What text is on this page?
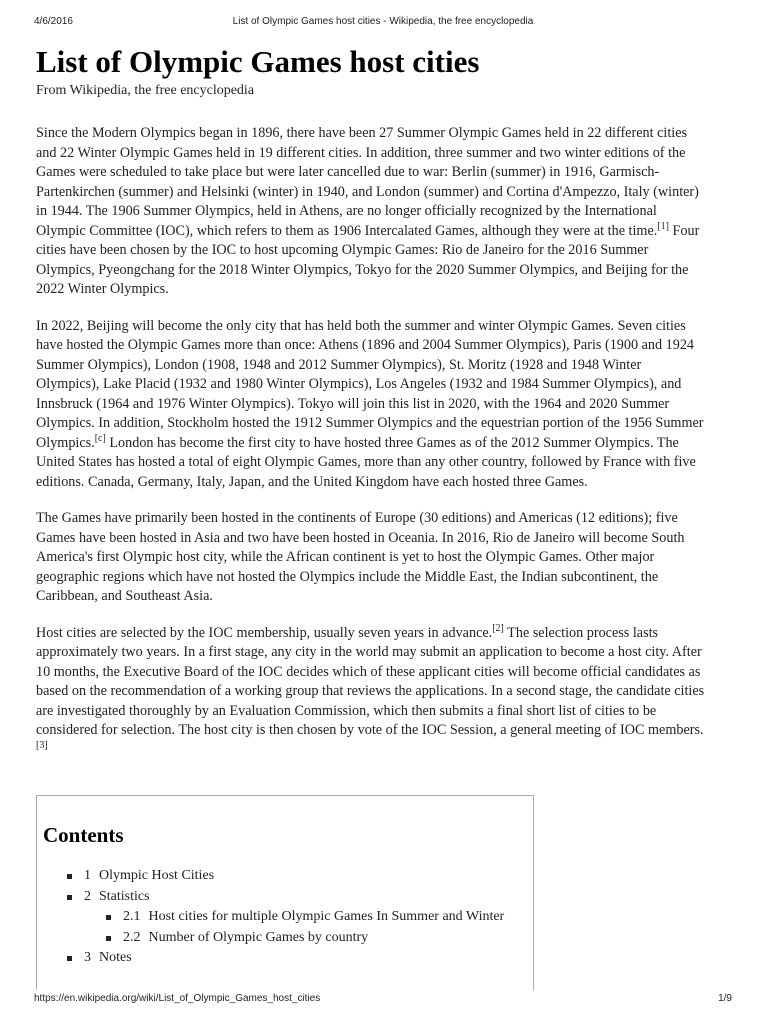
4/6/2016	List of Olympic Games host cities - Wikipedia, the free encyclopedia
List of Olympic Games host cities
From Wikipedia, the free encyclopedia

Since the Modern Olympics began in 1896, there have been 27 Summer Olympic Games held in 22 different cities and 22 Winter Olympic Games held in 19 different cities. In addition, three summer and two winter editions of the Games were scheduled to take place but were later cancelled due to war: Berlin (summer) in 1916, Garmisch-Partenkirchen (summer) and Helsinki (winter) in 1940, and London (summer) and Cortina d'Ampezzo, Italy (winter) in 1944. The 1906 Summer Olympics, held in Athens, are no longer officially recognized by the International Olympic Committee (IOC), which refers to them as 1906 Intercalated Games, although they were at the time.[1] Four cities have been chosen by the IOC to host upcoming Olympic Games: Rio de Janeiro for the 2016 Summer Olympics, Pyeongchang for the 2018 Winter Olympics, Tokyo for the 2020 Summer Olympics, and Beijing for the 2022 Winter Olympics.

In 2022, Beijing will become the only city that has held both the summer and winter Olympic Games. Seven cities have hosted the Olympic Games more than once: Athens (1896 and 2004 Summer Olympics), Paris (1900 and 1924 Summer Olympics), London (1908, 1948 and 2012 Summer Olympics), St. Moritz (1928 and 1948 Winter Olympics), Lake Placid (1932 and 1980 Winter Olympics), Los Angeles (1932 and 1984 Summer Olympics), and Innsbruck (1964 and 1976 Winter Olympics). Tokyo will join this list in 2020, with the 1964 and 2020 Summer Olympics. In addition, Stockholm hosted the 1912 Summer Olympics and the equestrian portion of the 1956 Summer Olympics.[c] London has become the first city to have hosted three Games as of the 2012 Summer Olympics. The United States has hosted a total of eight Olympic Games, more than any other country, followed by France with five editions. Canada, Germany, Italy, Japan, and the United Kingdom have each hosted three Games.

The Games have primarily been hosted in the continents of Europe (30 editions) and Americas (12 editions); five Games have been hosted in Asia and two have been hosted in Oceania. In 2016, Rio de Janeiro will become South America's first Olympic host city, while the African continent is yet to host the Olympic Games. Other major geographic regions which have not hosted the Olympics include the Middle East, the Indian subcontinent, the Caribbean, and Southeast Asia.

Host cities are selected by the IOC membership, usually seven years in advance.[2] The selection process lasts approximately two years. In a first stage, any city in the world may submit an application to become a host city. After 10 months, the Executive Board of the IOC decides which of these applicant cities will become official candidates as based on the recommendation of a working group that reviews the applications. In a second stage, the candidate cities are investigated thoroughly by an Evaluation Commission, which then submits a final short list of cities to be considered for selection. The host city is then chosen by vote of the IOC Session, a general meeting of IOC members.[3]

Contents
1 Olympic Host Cities
2 Statistics
2.1 Host cities for multiple Olympic Games In Summer and Winter
2.2 Number of Olympic Games by country
3 Notes
https://en.wikipedia.org/wiki/List_of_Olympic_Games_host_cities	1/9
